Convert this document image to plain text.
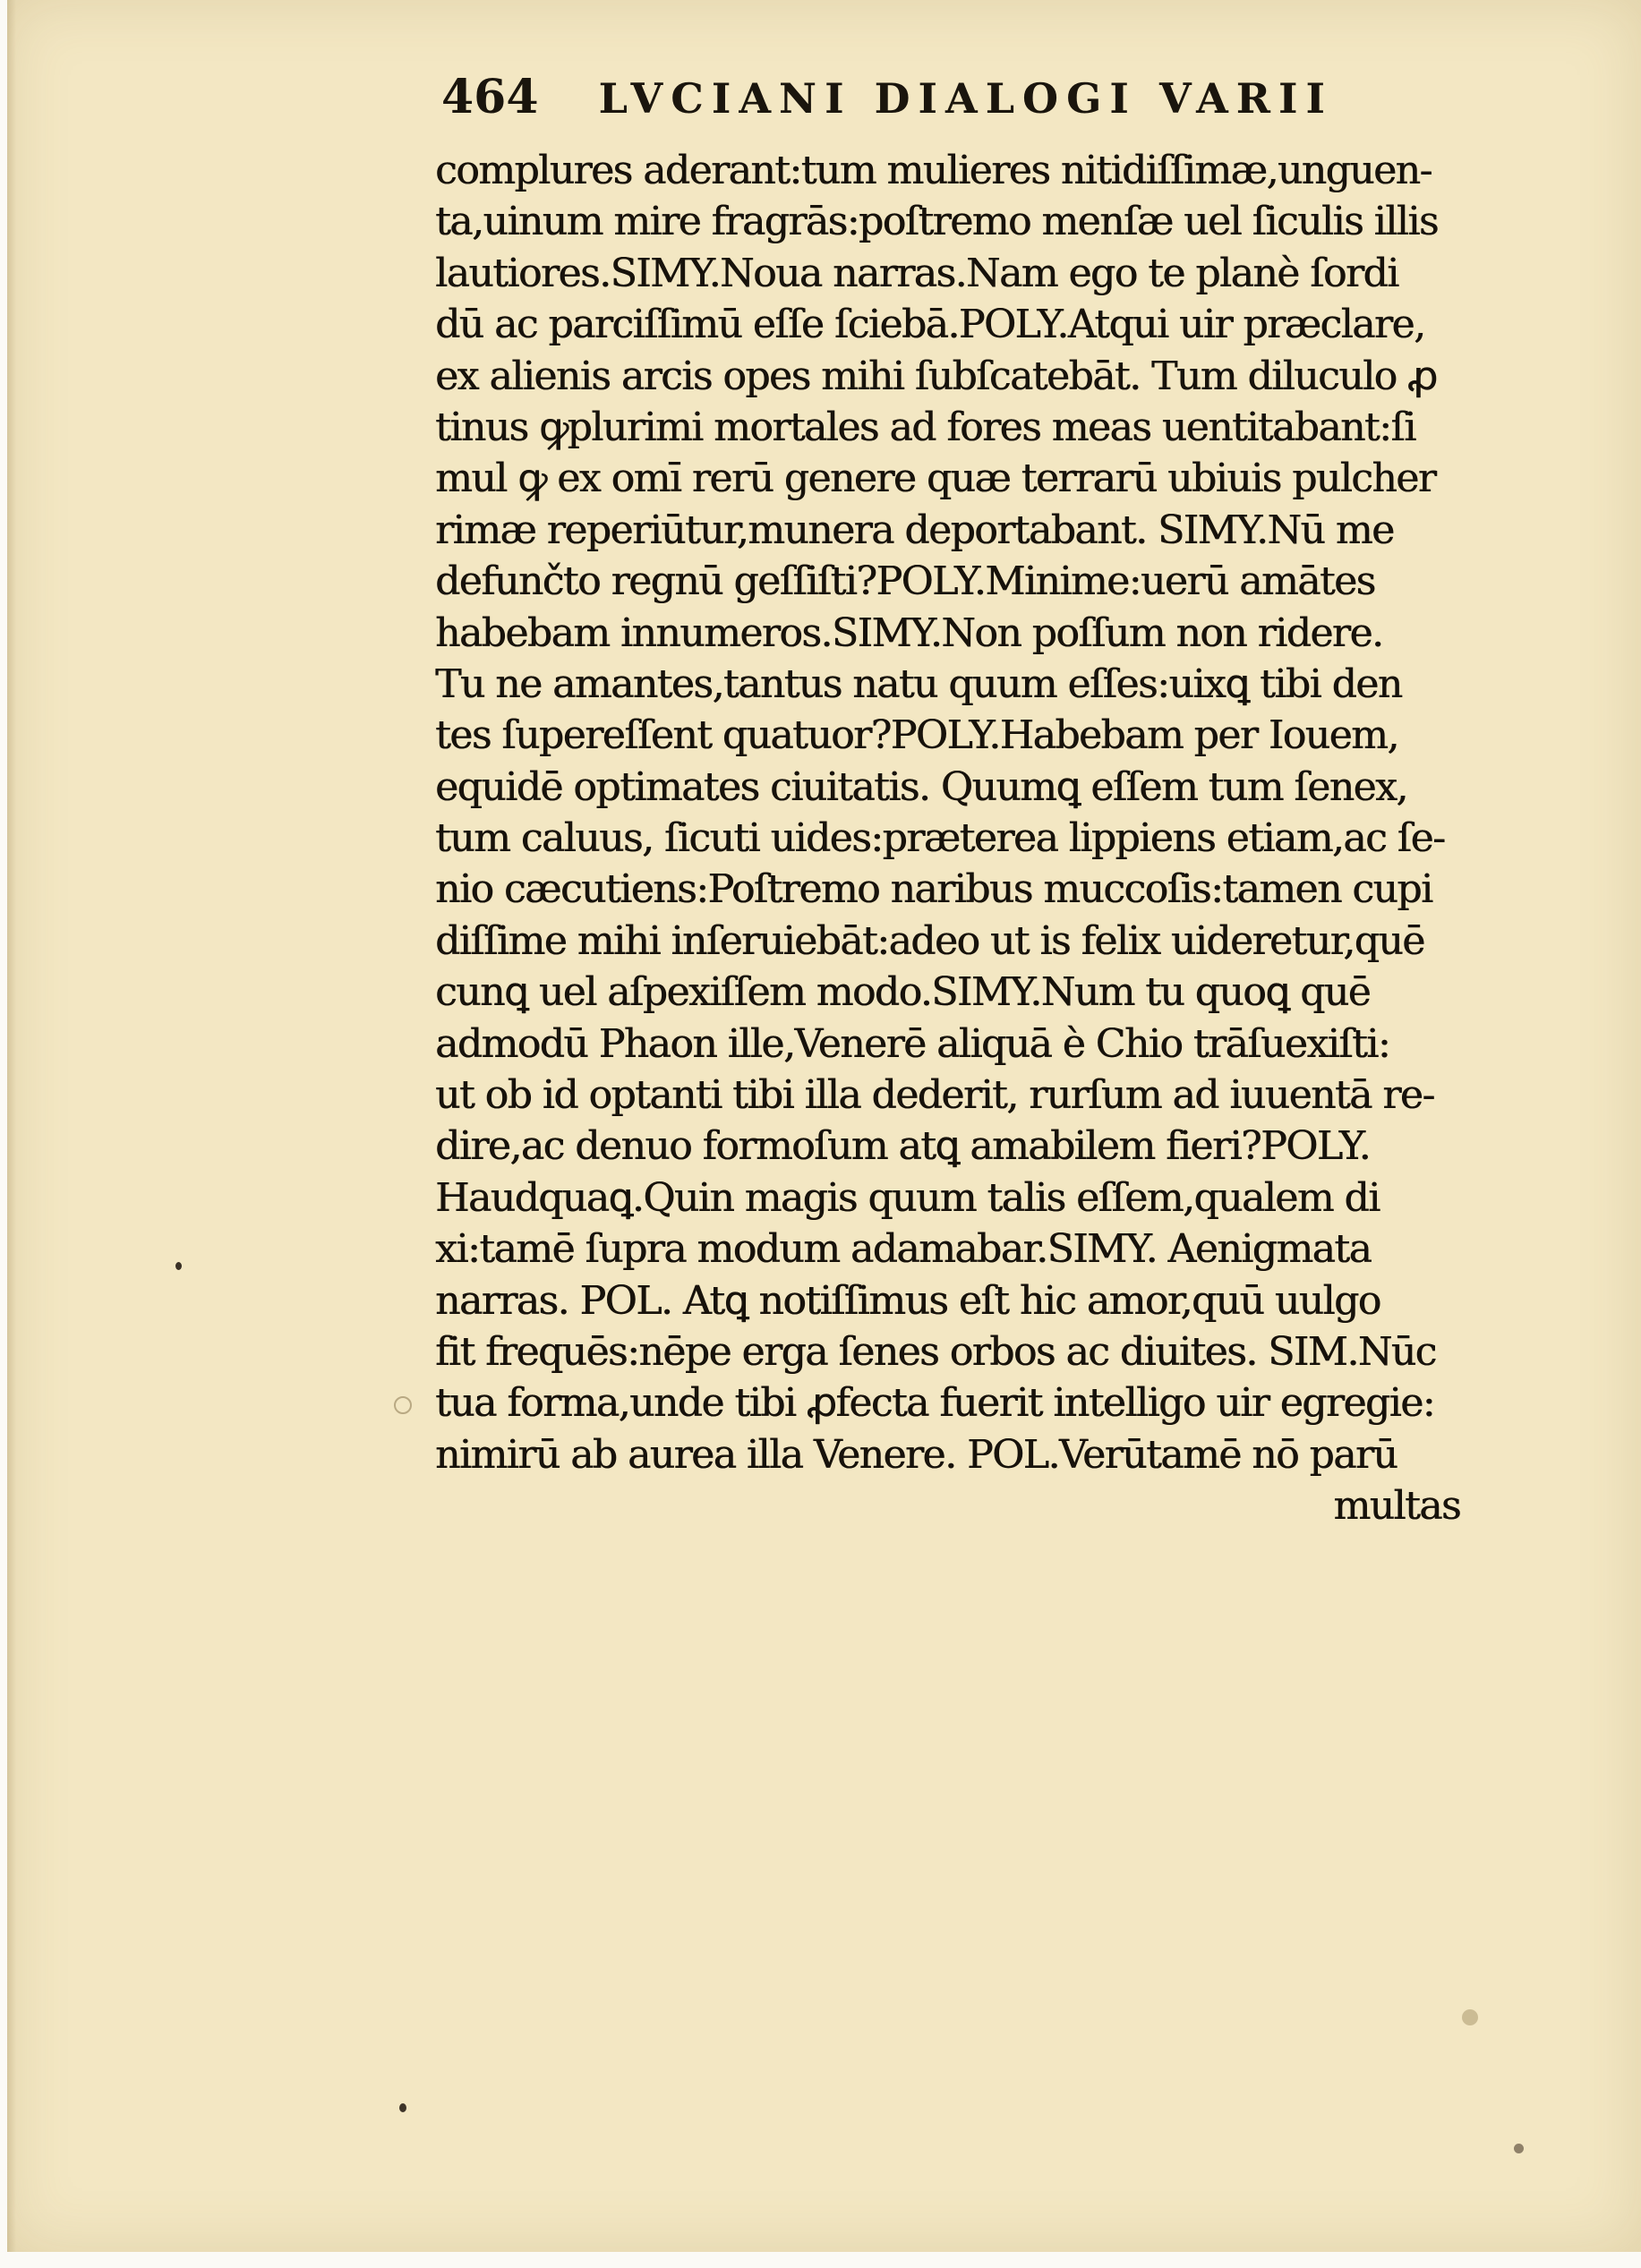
464 LVCIANI DIALOGI VARII
complures aderant:tum mulieres nitidiſſimæ,unguen-
ta,uinum mire fragrās:poſtremo menſæ uel ſiculis illis
lautiores.SIMY.Noua narras.Nam ego te planè ſordi
dū ac parciſſimū eſſe ſciebā.POLY.Atqui uir præclare,
ex alienis arcis opes mihi ſubſcatebāt. Tum diluculo ꝓ
tinus ꝙplurimi mortales ad fores meas uentitabant:ſi
mul ꝙ ex omī rerū genere quæ terrarū ubiuis pulcher
rimæ reperiūtur,munera deportabant. SIMY.Nū me
defunčto regnū geſſiſti?POLY.Minime:uerū amātes
habebam innumeros.SIMY.Non poſſum non ridere.
Tu ne amantes,tantus natu quum eſſes:uixꝗ tibi den
tes ſupereſſent quatuor?POLY.Habebam per Iouem,
equidē optimates ciuitatis. Quumꝗ eſſem tum ſenex,
tum caluus, ſicuti uides:præterea lippiens etiam,ac ſe-
nio cæcutiens:Poſtremo naribus muccoſis:tamen cupi
diſſime mihi inſeruiebāt:adeo ut is felix uideretur,quē
cunꝗ uel aſpexiſſem modo.SIMY.Num tu quoꝗ quē
admodū Phaon ille,Venerē aliquā è Chio trāſuexiſti:
ut ob id optanti tibi illa dederit, rurſum ad iuuentā re-
dire,ac denuo formoſum atꝗ amabilem fieri?POLY.
Haudquaꝗ.Quin magis quum talis eſſem,qualem di
xi:tamē ſupra modum adamabar.SIMY. Aenigmata
narras. POL. Atꝗ notiſſimus eſt hic amor,quū uulgo
fit frequēs:nēpe erga ſenes orbos ac diuites. SIM.Nūc
tua forma,unde tibi ꝓfecta fuerit intelligo uir egregie:
nimirū ab aurea illa Venere. POL.Verūtamē nō parū
multas
